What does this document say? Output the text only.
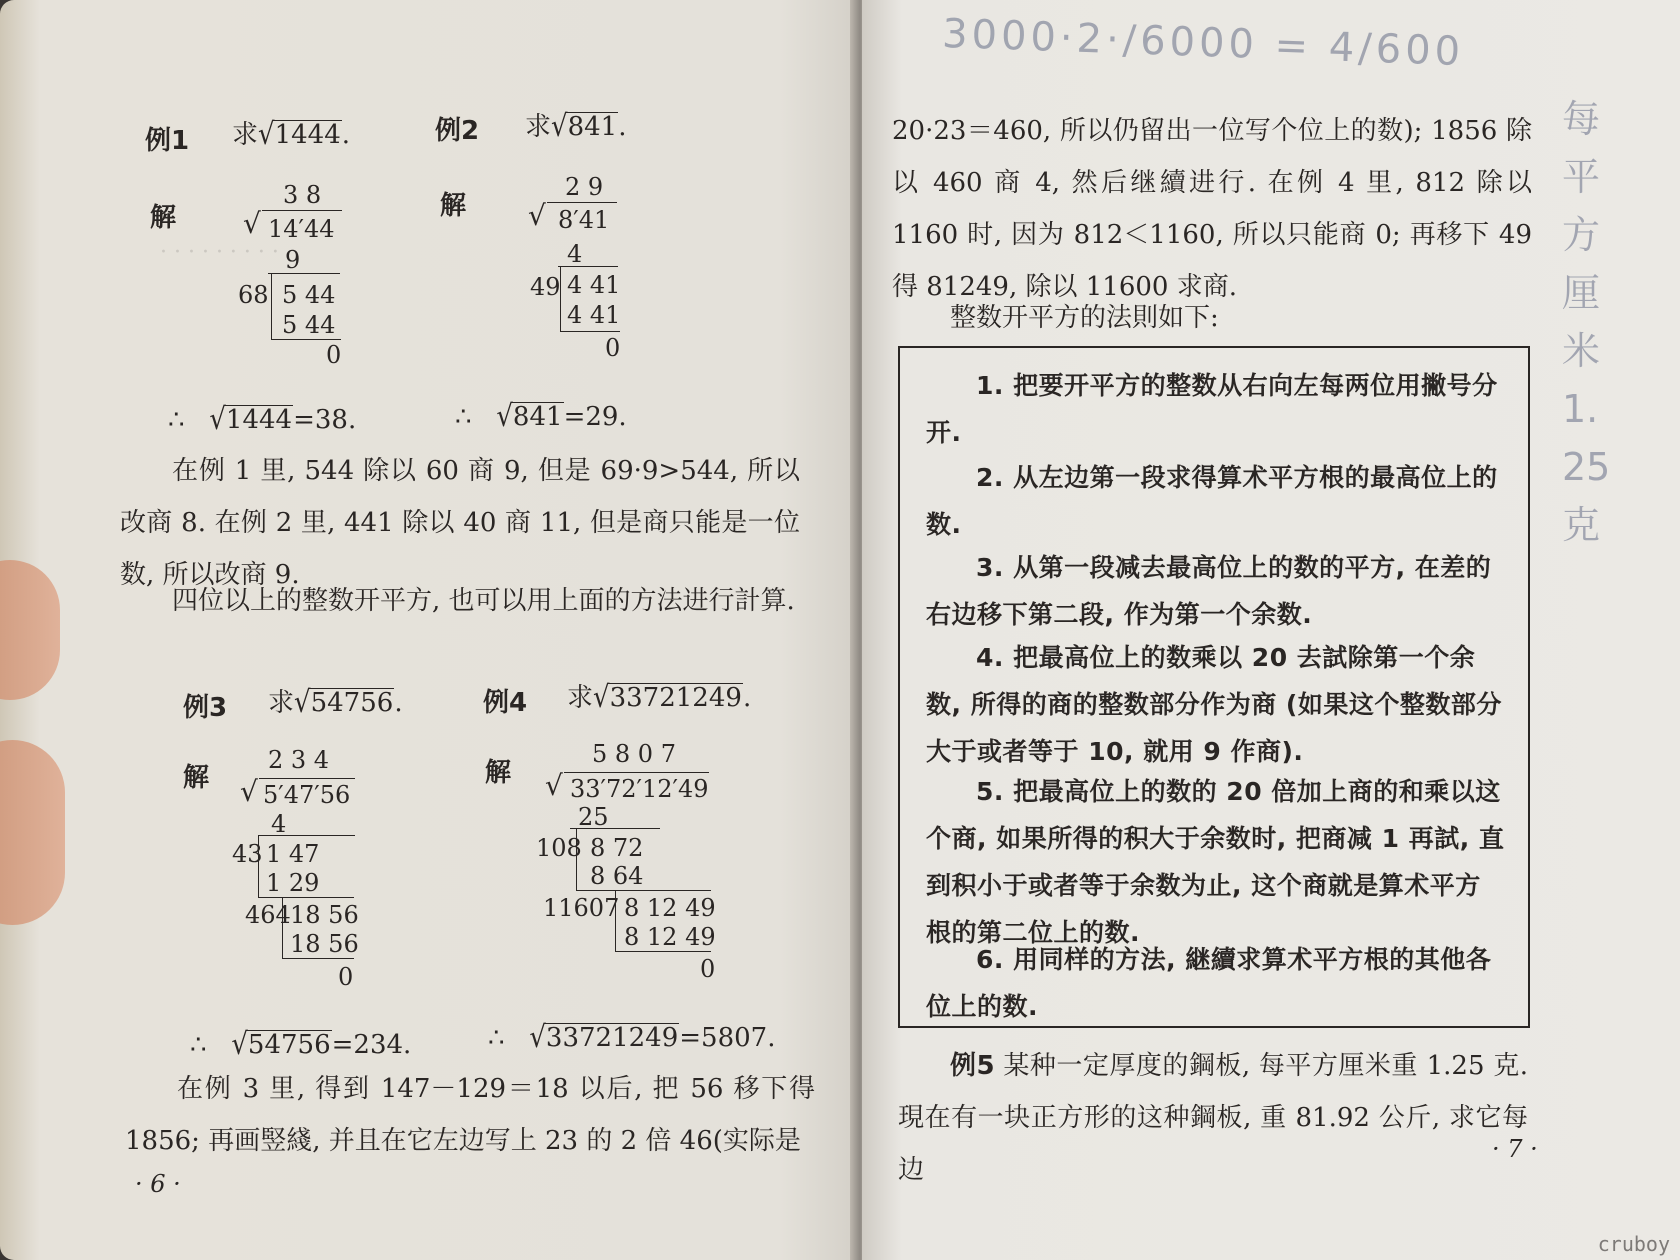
· · · · · · · · ·
例1 求√1444.
解
3 8
√ 14′44
9
68 5 44
5 44
0
例2 求√841.
解
2 9
√ 8′41
4
49 4 41
4 41
0
∴ √1444=38.	∴ √841=29.
在例 1 里, 544 除以 60 商 9, 但是 69·9>544, 所以改商 8. 在例 2 里, 441 除以 40 商 11, 但是商只能是一位数, 所以改商 9.
四位以上的整数开平方, 也可以用上面的方法进行計算.
例3 求√54756.
解
2 3 4
√ 5′47′56
4
43 1 47
1 29
464 18 56
18 56
0
例4 求√33721249.
解
5 8 0 7
√ 33′72′12′49
25
108 8 72
8 64
11607 8 12 49
8 12 49
0
∴ √54756=234.	∴ √33721249=5807.
在例 3 里, 得到 147－129＝18 以后, 把 56 移下得 1856; 再画竪綫, 并且在它左边写上 23 的 2 倍 46(实际是
· 6 ·
3000·2·/6000 = 4/600
每平方厘米 1.25 克
20·23＝460, 所以仍留出一位写个位上的数); 1856 除以 460 商 4, 然后继續进行. 在例 4 里, 812 除以 1160 时, 因为 812＜1160, 所以只能商 0; 再移下 49 得 81249, 除以 11600 求商.
整数开平方的法則如下:
1. 把要开平方的整数从右向左每两位用撇号分开.
2. 从左边第一段求得算术平方根的最高位上的数.
3. 从第一段减去最高位上的数的平方, 在差的右边移下第二段, 作为第一个余数.
4. 把最高位上的数乘以 20 去試除第一个余数, 所得的商的整数部分作为商 (如果这个整数部分大于或者等于 10, 就用 9 作商).
5. 把最高位上的数的 20 倍加上商的和乘以这个商, 如果所得的积大于余数时, 把商减 1 再試, 直到积小于或者等于余数为止, 这个商就是算术平方根的第二位上的数.
6. 用同样的方法, 継續求算术平方根的其他各位上的数.
例5 某种一定厚度的鋼板, 每平方厘米重 1.25 克. 現在有一块正方形的这种鋼板, 重 81.92 公斤, 求它每边
· 7 ·
cruboy
